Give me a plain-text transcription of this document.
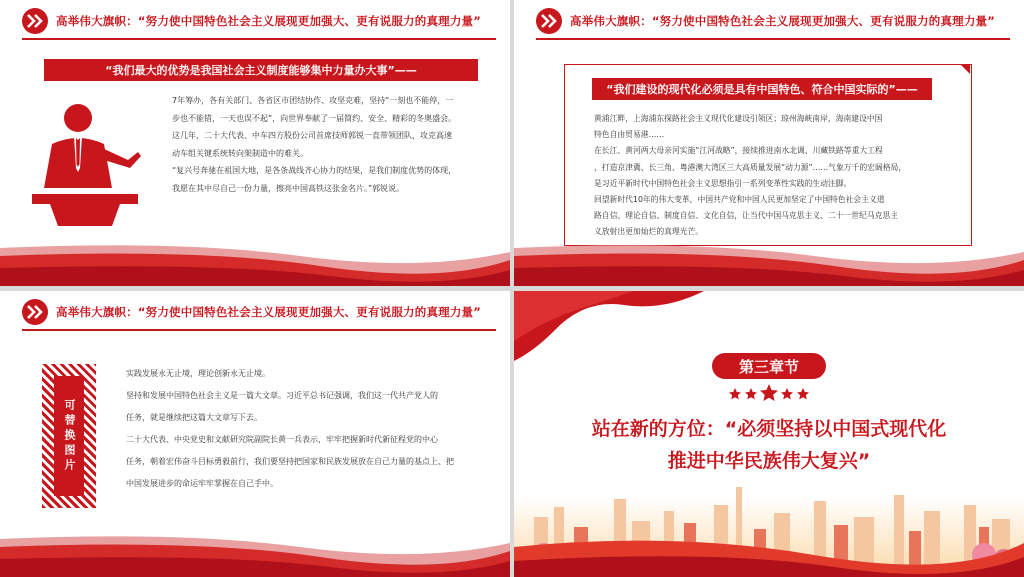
高举伟大旗帜：“努力使中国特色社会主义展现更加强大、更有说服力的真理力量”
“我们最大的优势是我国社会主义制度能够集中力量办大事”——

7年筹办，各有关部门、各省区市团结协作、攻坚克难，坚持“一刻也不能停，一

步也不能错，一天也误不起”，向世界奉献了一届简约、安全、精彩的冬奥盛会。

这几年，二十大代表、中车四方股份公司首席技师郭锐一直带领团队，攻克高速

动车组关键系统转向架制造中的难关。

“复兴号奔驰在祖国大地，是各条战线齐心协力的结果，是我们制度优势的体现，

我愿在其中尽自己一份力量，擦亮中国高铁这张金名片。”郭锐说。

高举伟大旗帜：“努力使中国特色社会主义展现更加强大、更有说服力的真理力量”
“我们建设的现代化必须是具有中国特色、符合中国实际的”——

黄浦江畔，上海浦东探路社会主义现代化建设引领区；琼州海峡南岸，海南建设中国

特色自由贸易港……

在长江、黄河两大母亲河实施“江河战略”，接续推进南水北调、川藏铁路等重大工程

，打造京津冀、长三角、粤港澳大湾区三大高质量发展“动力源”……气象万千的宏阔格局，

是习近平新时代中国特色社会主义思想指引一系列变革性实践的生动注脚。

回望新时代10年的伟大变革，中国共产党和中国人民更加坚定了中国特色社会主义道

路自信、理论自信、制度自信、文化自信，让当代中国马克思主义、二十一世纪马克思主

义放射出更加灿烂的真理光芒。

高举伟大旗帜：“努力使中国特色社会主义展现更加强大、更有说服力的真理力量”
可替换图片

实践发展永无止境，理论创新永无止境。

坚持和发展中国特色社会主义是一篇大文章。习近平总书记强调，我们这一代共产党人的

任务，就是继续把这篇大文章写下去。

二十大代表、中央党史和文献研究院副院长黄一兵表示，牢牢把握新时代新征程党的中心

任务，朝着宏伟奋斗目标勇毅前行，我们要坚持把国家和民族发展放在自己力量的基点上、把

中国发展进步的命运牢牢掌握在自己手中。

第三章节
站在新的方位：“必须坚持以中国式现代化
推进中华民族伟大复兴”
